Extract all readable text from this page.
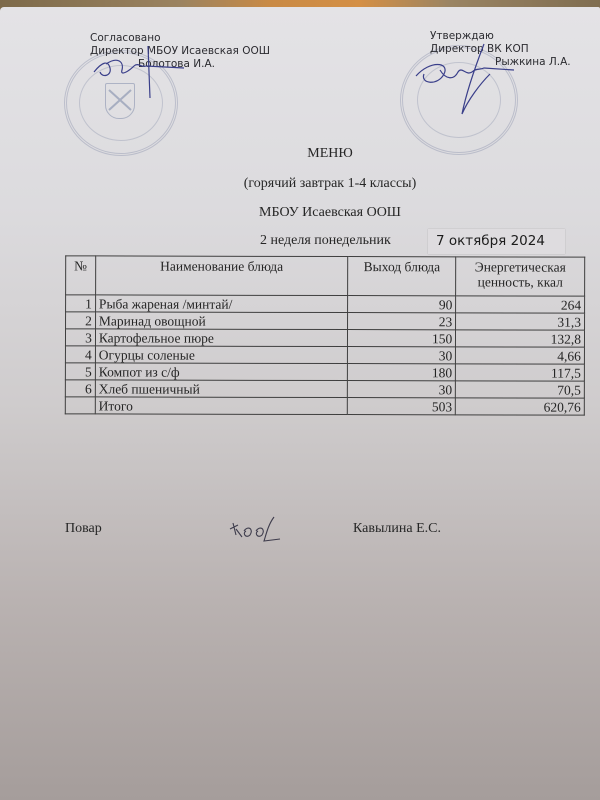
Согласовано
Директор МБОУ Исаевская ООШ
Болотова И.А.
Утверждаю
Директор ВК КОП
Рыжкина Л.А.
МЕНЮ
(горячий завтрак 1-4 классы)
МБОУ Исаевская ООШ
2 неделя понедельник	7 октября 2024
№	Наименование блюда	Выход блюда	Энергетическая
ценность, ккал
1	Рыба жареная /минтай/	90	264
2	Маринад овощной	23	31,3
3	Картофельное пюре	150	132,8
4	Огурцы соленые	30	4,66
5	Компот из с/ф	180	117,5
6	Хлеб пшеничный	30	70,5
	Итого	503	620,76
Повар	Кавылина Е.С.
